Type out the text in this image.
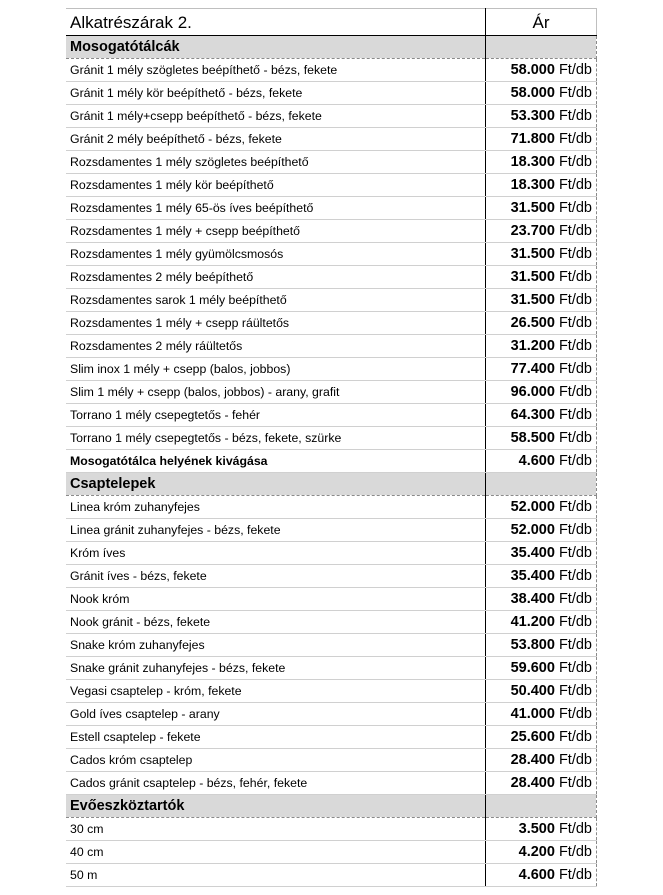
Alkatrészárak 2.	Ár
Mosogatótálcák	
Gránit 1 mély szögletes beépíthető - bézs, fekete	58.000 Ft/db
Gránit 1 mély kör beépíthető - bézs, fekete	58.000 Ft/db
Gránit 1 mély+csepp beépíthető - bézs, fekete	53.300 Ft/db
Gránit 2 mély beépíthető - bézs, fekete	71.800 Ft/db
Rozsdamentes 1 mély szögletes beépíthető	18.300 Ft/db
Rozsdamentes 1 mély kör beépíthető	18.300 Ft/db
Rozsdamentes 1 mély 65-ös íves beépíthető	31.500 Ft/db
Rozsdamentes 1 mély + csepp beépíthető	23.700 Ft/db
Rozsdamentes 1 mély gyümölcsmosós	31.500 Ft/db
Rozsdamentes 2 mély beépíthető	31.500 Ft/db
Rozsdamentes sarok 1 mély beépíthető	31.500 Ft/db
Rozsdamentes 1 mély + csepp ráültetős	26.500 Ft/db
Rozsdamentes 2 mély ráültetős	31.200 Ft/db
Slim inox 1 mély + csepp (balos, jobbos)	77.400 Ft/db
Slim 1 mély + csepp (balos, jobbos) - arany, grafit	96.000 Ft/db
Torrano 1 mély csepegtetős - fehér	64.300 Ft/db
Torrano 1 mély csepegtetős - bézs, fekete, szürke	58.500 Ft/db
Mosogatótálca helyének kivágása	4.600 Ft/db
Csaptelepek	
Linea króm zuhanyfejes	52.000 Ft/db
Linea gránit zuhanyfejes - bézs, fekete	52.000 Ft/db
Króm íves	35.400 Ft/db
Gránit íves - bézs, fekete	35.400 Ft/db
Nook króm	38.400 Ft/db
Nook gránit - bézs, fekete	41.200 Ft/db
Snake króm zuhanyfejes	53.800 Ft/db
Snake gránit zuhanyfejes - bézs, fekete	59.600 Ft/db
Vegasi csaptelep - króm, fekete	50.400 Ft/db
Gold íves csaptelep - arany	41.000 Ft/db
Estell csaptelep - fekete	25.600 Ft/db
Cados króm csaptelep	28.400 Ft/db
Cados gránit csaptelep - bézs, fehér, fekete	28.400 Ft/db
Evőeszköztartók	
30 cm	3.500 Ft/db
40 cm	4.200 Ft/db
50 m	4.600 Ft/db
